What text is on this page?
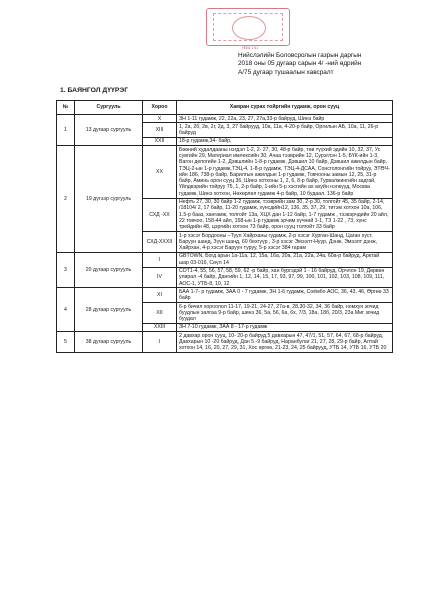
ҮЕБ6 1 61
Нийслэлийн Боловсролын газрын даргын
2018 оны 05 дугаар сарын 4/ -ний өдрийн
A/75 дугаар тушаалын хавсралт
1. БАЯНГОЛ ДҮҮРЭГ
№	Сургууль	Хороо	Хамран сурах тойргийн гудамж, орон сууц
1	13 дугаар сургууль	X	ЗН 1-11 гудамж, 22, 22а, 23, 27, 27а,33-р байруд, Шинэ байр
		XIII	1, 2а, 2б, 2в, 2г, 2д, 3, 27 байрууд, 10а, 11а, 4-20-р байр, Оргилын АБ, 10а, 11, 26-р байруд
		XXII	18-р гудамж,34- байр,
2	19 дүгээр сургууль	XX	Бөөний худалдааны нэгдэл 1-2, 2- 27, 30, 48-р байр, төв түүхий эдийн 10, 32, 37, Ус сувгийн 29, Материал имлексийн 30, Ачаа тээврийн 12, Сурэглэн 1-5, БҮК-ийн 1-3, Вагон депогийн 1-2, Дэвшлийн 1-8-р гудамж, Дэвшил 10 байр, Дэвшил ажилдын байр, ТЭЦ-2-ын 1-р гудамж,ТЭЦ-4, 1-8-р гудамж, ТЭЦ-4-ДСАА, Сонсголонгийн тойруу, ЭТӨЧ-ийн 186, 738-р байр, Барилгын ажилдын 1-р гудамж, Товчооны замын 12, 25, 31-р байр, Аминь орон сууц 36, Шинэ хотхоны 1, 2, 6, 8-р байр, Гурвалжингийн задгай, Үйлдвэрийн тойруу 75, 1, 2-р байр, 1-ийн 5-р хэсгийн ах ахуйн нэгжүүд, Москва гудамж, Шинэ хотхон, Нөхөрлөл гудамж 4-р байр, 10 будаал. 136-р байр
		СХД -XX	Нефть 27, 30, 30 байр 1-2 гудамж, тээврийн зам 30, 2-р 30, толгойт 45, 35 байр, 2-14, /18104/ 2, 17 байр, 11-20 гудамж, хүнсдийн12, 136, 35, 37, 29, титэм хотхон 10а, 106, 1.5-р бааз, хангамж, толгойт 13а, ХЦХ дан 1-12 байр, 1-7 гудамж , тээвэрчдийн 20 айл, 22 товчоо, 158-44 айл, 158-ын 1-р гудамж эрчим хүчний 1-1, ТЗ 1-22 , 73, хүнс трейдийн 48, цэргийн хотхон 73 байр, орон сууц толгойт 33 байр
		СХД-XXXII	1-р хэсэг Бордооны –Туул Хайрханы гудамж, 2-р хэсэг Хурган-Шанд, Цаган хуст, Баруун шанд, Зүүн шанд, 60 бөхгүүр , 3-р хэсэг Эмээлт-Нуур, Дэнж, Эмээлт дэнж, Хайрхан, 4-р хэсэг Баруун туруу, 5-р хэсэг 384 гарам
3	20 дугаар сургууль	I	GBTOWN, Богд арын 1а-11а, 12, 15а, 16а, 20а, 21а, 22а, 24а, 60а-р байруд, Арктай шар 03-016, Сөүл 14
		IV	СОТ1-4, 55, 56, 57, 58, 59, 62 -р байр, хан бургэдэй 1 - 16 байруд, Орчлон 19, Дөрвөн улирал -4 байр, Дангийн 1, 12, 14, 15, 17, 93, 97, 99, 100, 101, 102, 103, 108, 109, 111, АОС-1, УТБ-8, 10, 12
4	28 дугаар сургууль	XI	БАА 1-7- р гудамж, ЗАА 0 - 7 гудамж, ЗН 1-6 гудамж, Соёмбо АОС, 36, 43, 46, Өргөө 33 байр
		XII	6-р бичил хороолол 11-17, 19-21, 24-27, 27а-в, 28,30-32, 34, 36 байр, номхун зочид буудлын залгаа 9-р байр, шинэ 36, 5а, 56, 6а, 6х, 7/3, 18а, 18б, 20/3, 23а Миг зочид буудал
		XXIII	ЗН 7-10 гудамж, ЗАА 8 - 17-р гудамж
5	38 дугаар сургууль	I	2 давхар орон сууц, 10- 20-р байруд,5 давхарын 47, 47/1, 51, 57, 64, 67, 68-р байруд, Давхарын 10 -20 байруд, Дан 5 -9 байруд, Наранбулаг 21, 27, 28, 29-р байр, Алтай хотхон 14, 16, 20, 27, 29, 31, Хос өргөө, 21-23, 24, 25 байрууд, УТБ 14, УТБ 16, УТБ 20
